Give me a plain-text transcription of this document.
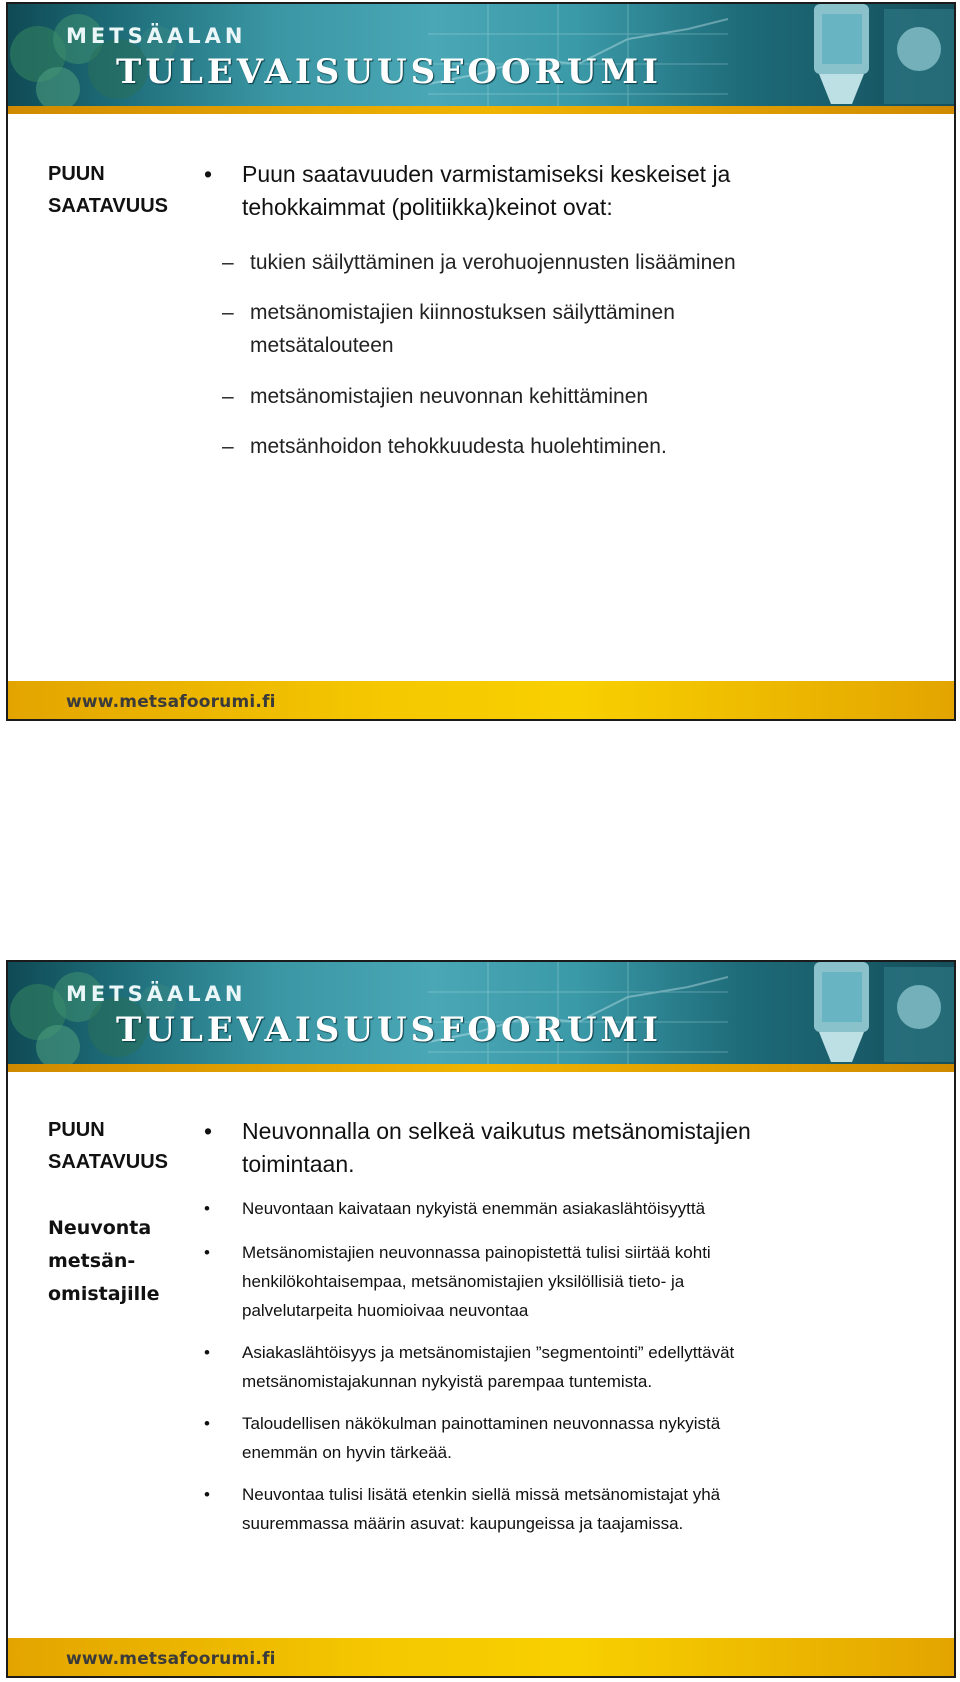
METSÄALAN
TULEVAISUUSFOORUMI
PUUN
SAATAVUUS
• Puun saatavuuden varmistamiseksi keskeiset ja
tehokkaimmat (politiikka)keinot ovat:
– tukien säilyttäminen ja verohuojennusten lisääminen
– metsänomistajien kiinnostuksen säilyttäminen
metsätalouteen
– metsänomistajien neuvonnan kehittäminen
– metsänhoidon tehokkuudesta huolehtiminen.
www.metsafoorumi.fi
METSÄALAN
TULEVAISUUSFOORUMI
PUUN
SAATAVUUS
Neuvonta
metsän-
omistajille
• Neuvonnalla on selkeä vaikutus metsänomistajien
toimintaan.
• Neuvontaan kaivataan nykyistä enemmän asiakaslähtöisyyttä
• Metsänomistajien neuvonnassa painopistettä tulisi siirtää kohti
henkilökohtaisempaa, metsänomistajien yksilöllisiä tieto- ja
palvelutarpeita huomioivaa neuvontaa
• Asiakaslähtöisyys ja metsänomistajien ”segmentointi” edellyttävät
metsänomistajakunnan nykyistä parempaa tuntemista.
• Taloudellisen näkökulman painottaminen neuvonnassa nykyistä
enemmän on hyvin tärkeää.
• Neuvontaa tulisi lisätä etenkin siellä missä metsänomistajat yhä
suuremmassa määrin asuvat: kaupungeissa ja taajamissa.
www.metsafoorumi.fi
